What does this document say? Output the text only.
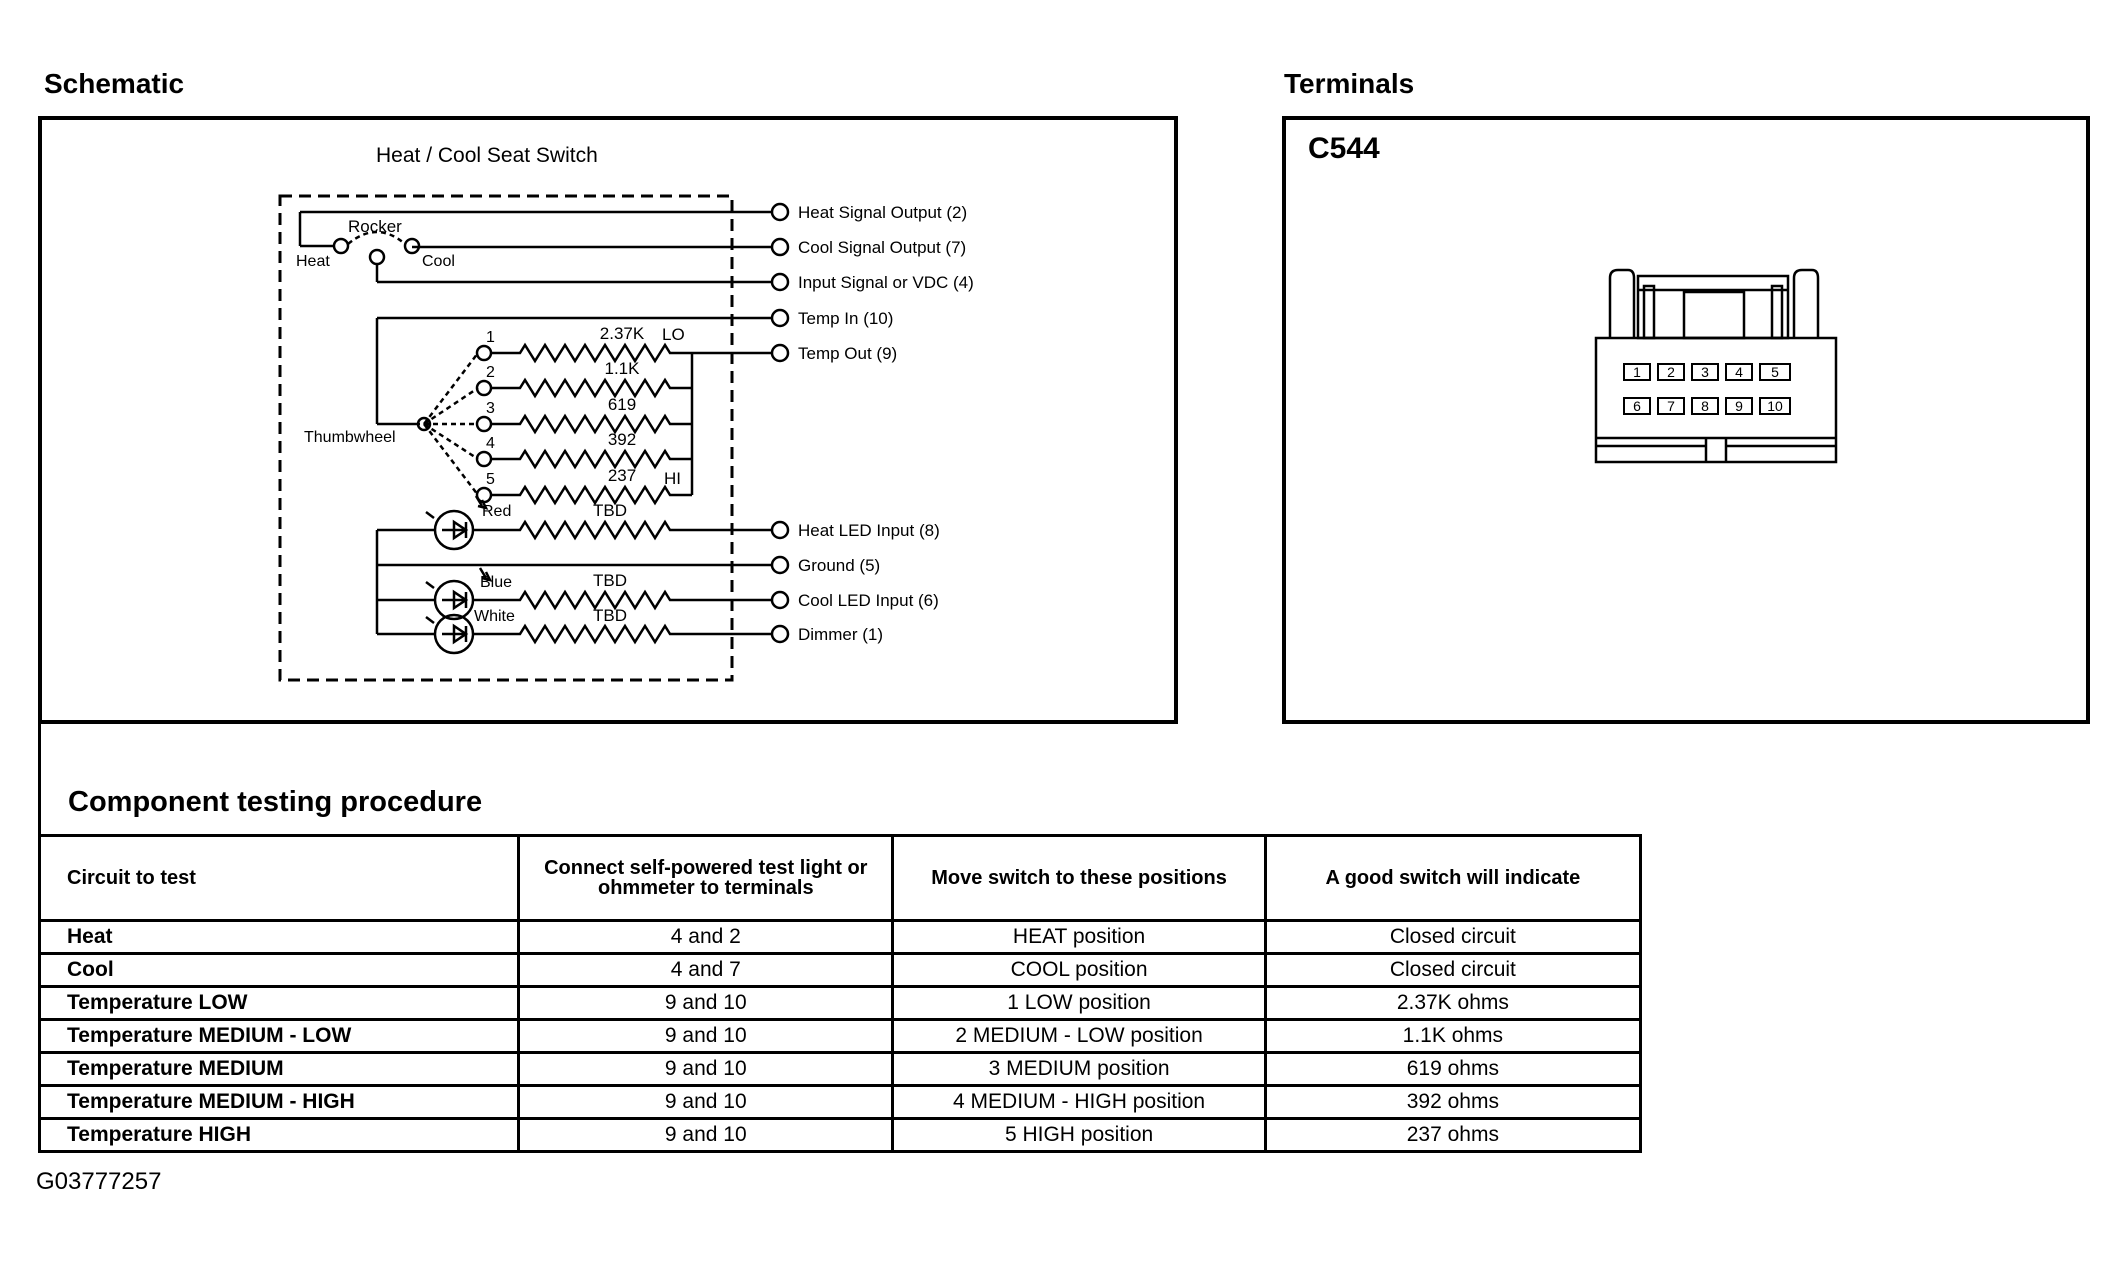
Schematic	Terminals
Heat / Cool Seat Switch
Rocker
Heat	Cool
Thumbwheel
1
2
3
4
5
2.37K
1.1K
619
392
237
LO
HI
Red
Blue
White
TBD
TBD
TBD
Heat Signal Output (2)
Cool Signal Output (7)
Input Signal or VDC (4)
Temp In (10)
Temp Out (9)
Heat LED Input (8)
Ground (5)
Cool LED Input (6)
Dimmer (1)
C544
1 2 3 4 5
6 7 8 9 10
Component testing procedure
Circuit to test	Connect self-powered test light or ohmmeter to terminals	Move switch to these positions	A good switch will indicate
Heat	4 and 2	HEAT position	Closed circuit
Cool	4 and 7	COOL position	Closed circuit
Temperature LOW	9 and 10	1 LOW position	2.37K ohms
Temperature MEDIUM - LOW	9 and 10	2 MEDIUM - LOW position	1.1K ohms
Temperature MEDIUM	9 and 10	3 MEDIUM position	619 ohms
Temperature MEDIUM - HIGH	9 and 10	4 MEDIUM - HIGH position	392 ohms
Temperature HIGH	9 and 10	5 HIGH position	237 ohms
G03777257
